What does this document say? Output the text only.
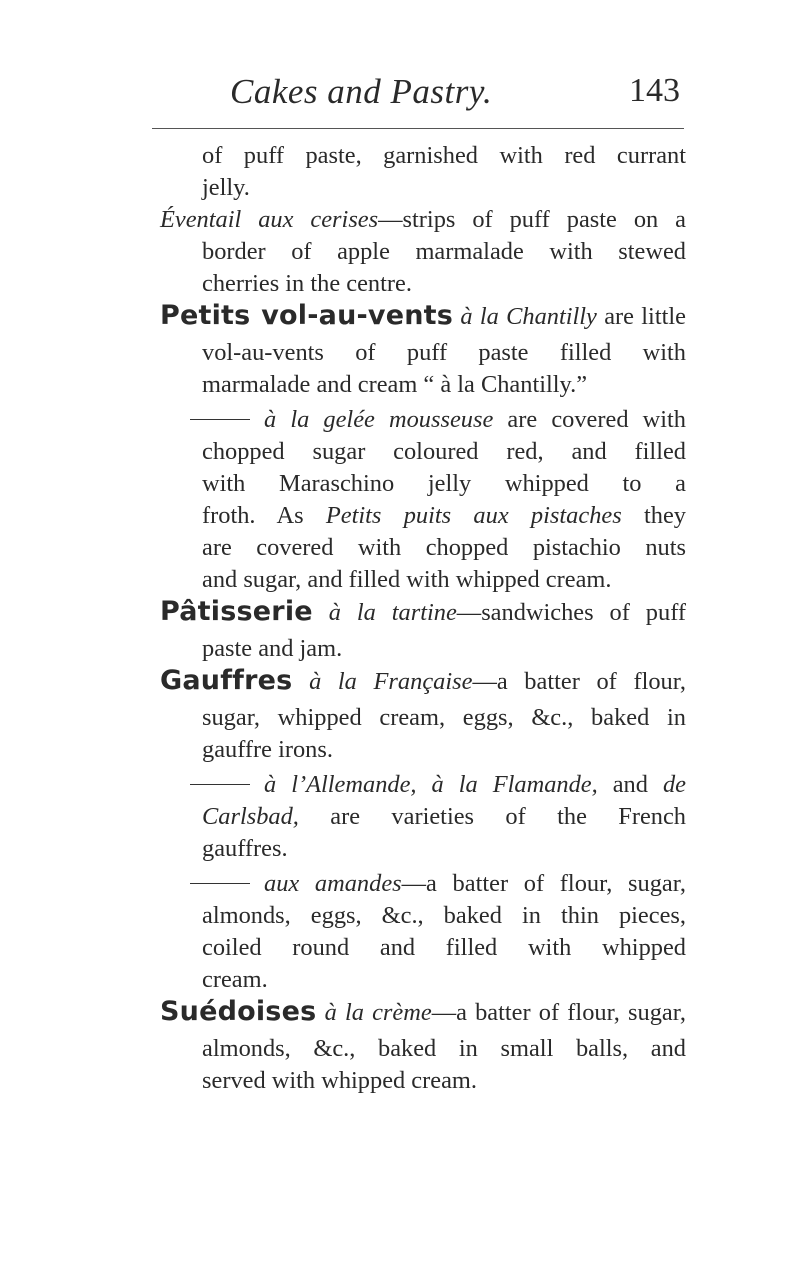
Cakes and Pastry.	143
of puff paste, garnished with red currant
jelly.
Éventail aux cerises—strips of puff paste on a
border of apple marmalade with stewed
cherries in the centre.
Petits vol-au-vents à la Chantilly are little
vol-au-vents of puff paste filled with
marmalade and cream “ à la Chantilly.”
à la gelée mousseuse are covered with
chopped sugar coloured red, and filled
with Maraschino jelly whipped to a
froth. As Petits puits aux pistaches they
are covered with chopped pistachio nuts
and sugar, and filled with whipped cream.
Pâtisserie à la tartine—sandwiches of puff
paste and jam.
Gauffres à la Française—a batter of flour,
sugar, whipped cream, eggs, &c., baked in
gauffre irons.
à l’Allemande, à la Flamande, and de
Carlsbad, are varieties of the French
gauffres.
aux amandes—a batter of flour, sugar,
almonds, eggs, &c., baked in thin pieces,
coiled round and filled with whipped
cream.
Suédoises à la crème—a batter of flour, sugar,
almonds, &c., baked in small balls, and
served with whipped cream.
